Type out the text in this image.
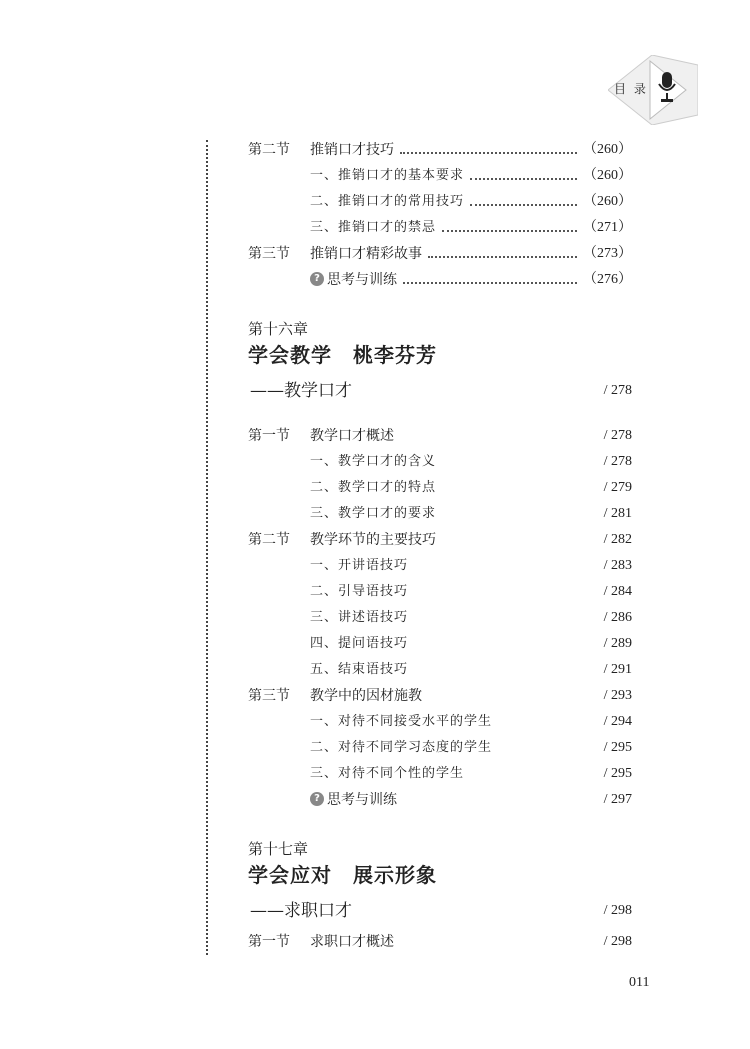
目 录
第二节 推销口才技巧	（260）
一、推销口才的基本要求	（260）
二、推销口才的常用技巧	（260）
三、推销口才的禁忌	（271）
第三节 推销口才精彩故事	（273）
? 思考与训练	（276）
第十六章
学会教学　桃李芬芳
——教学口才	/ 278
第一节 教学口才概述	/ 278
一、教学口才的含义	/ 278
二、教学口才的特点	/ 279
三、教学口才的要求	/ 281
第二节 教学环节的主要技巧	/ 282
一、开讲语技巧	/ 283
二、引导语技巧	/ 284
三、讲述语技巧	/ 286
四、提问语技巧	/ 289
五、结束语技巧	/ 291
第三节 教学中的因材施教	/ 293
一、对待不同接受水平的学生	/ 294
二、对待不同学习态度的学生	/ 295
三、对待不同个性的学生	/ 295
? 思考与训练	/ 297
第十七章
学会应对　展示形象
——求职口才	/ 298
第一节 求职口才概述	/ 298
011
